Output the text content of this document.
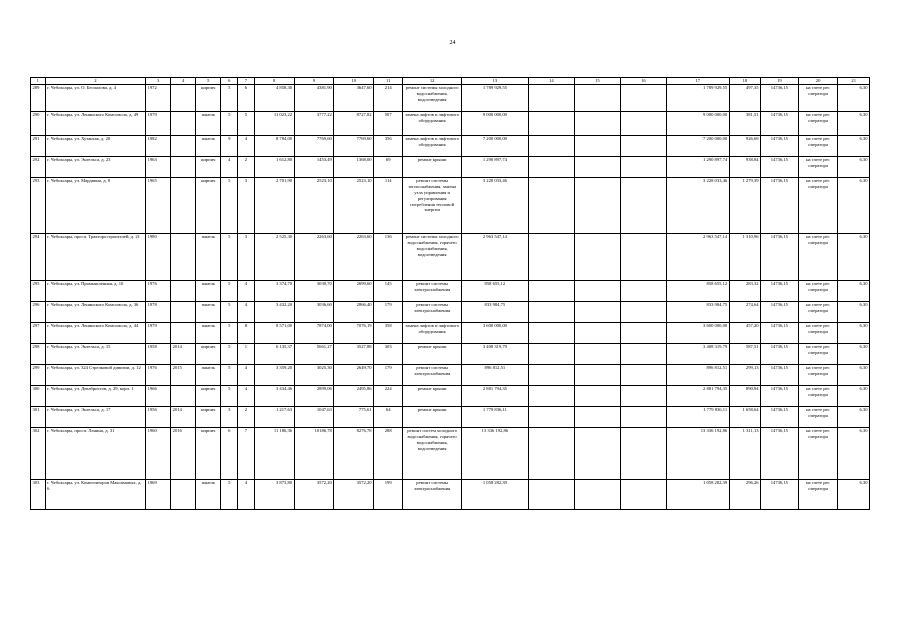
24
1	2	3	4	5	6	7	8	9	10	11	12	13	14	15	16	17	18	19	20	21
289	г. Чебоксары, ул. О. Беспалова, д. 4	1972		кирпич	5	6	4 858,30	4381,90	3647,60	214	ремонт системы холодного водоснабжения, водоотведения	1 789 929,55				1 789 929,55	497,35	14736,15	на счете рег. оператора	6,30
290	г. Чебоксары, ул. Ленинского Комсомола, д. 49	1979		панель	5	5	11 023,22	3777,22	8727,82	507	замена лифтов и лифтового оборудования	9 000 000,00				9 000 000,00	381,51	14736,15	на счете рег. оператора	6,30
291	г. Чебоксары, ул. Хузангая, д. 20	1982		панель	9	4	8 784,00	7769,60	7769,60	356	замена лифтов и лифтового оборудования	7 200 000,00				7 200 000,00	926,69	14736,15	на счете рег. оператора	6,30
292	г. Чебоксары, ул. Энгельса, д. 23	1963		кирпич	4	2	1 612,80	1453,49	1368,00	69	ремонт крыши	1 290 897,74				1 290 897,74	938,84	14736,15	на счете рег. оператора	6,30
293	г. Чебоксары, ул. Мардвина, д. 8	1965		кирпич	5	3	2 701,90	2523,10	2523,10	114	ремонт системы теплоснабжения, замена узла управления и регулирования потребления тепловой энергии	3 228 033,46				3 228 033,46	1 279,39	14736,15	на счете рег. оператора	6,30
294	г. Чебоксары, просп. Тракторостроителей, д. 21	1980		панель	5	3	2 525,30	2263,60	2263,60	136	ремонт системы холодного водоснабжения, горячего водоснабжения, водоотведения	2 963 547,14				2 963 547,14	1 310,96	14736,15	на счете рег. оператора	6,30
295	г. Чебоксары, ул. Промышленная, д. 10	1976		панель	5	4	3 374,70	3030,70	2699,60	145	ремонт системы электроснабжения	858 655,12				858 655,12	283,32	14736,15	на счете рег. оператора	6,30
296	г. Чебоксары, ул. Ленинского Комсомола, д. 36	1978		панель	5	4	3 432,20	3036,60	2866,40	179	ремонт системы электроснабжения	833 984,75				833 984,75	274,64	14736,15	на счете рег. оператора	6,30
297	г. Чебоксары, ул. Ленинского Комсомола, д. 44	1979		панель	5	8	8 571,00	7874,00	7076,19	358	замена лифтов и лифтового оборудования	3 600 000,00				3 600 000,00	457,20	14736,15	на счете рег. оператора	6,30
298	г. Чебоксары, ул. Энгельса, д. 15	1958	2014	кирпич	5	1	6 135,37	5661,27	3527,88	303	ремонт крыши	3 408 319,79				3 408 319,79	587,51	14736,15	на счете рег. оператора	6,30
299	г. Чебоксары, ул. 324 Стрелковой дивизии, д. 12	1976	2015	панель	5	4	3 359,20	3025,30	2649,70	179	ремонт системы электроснабжения	896 812,51				896 812,51	299,13	14736,15	на счете рег. оператора	6,30
300	г. Чебоксары, ул. Декабристов, д. 29, корп. 1	1966		кирпич	5	4	3 434,46	2899,06	2495,86	224	ремонт крыши	2 881 794,35				2 881 794,35	890,94	14736,15	на счете рег. оператора	6,30
301	г. Чебоксары, ул. Энгельса, д. 17	1956	2014	кирпич	3	2	1 217,63	1047,63	775,61	64	ремонт крыши	1 779 836,11				1 779 836,11	1 658,64	14736,15	на счете рег. оператора	6,30
302	г. Чебоксары, просп. Ленина, д. 31	1960	2016	кирпич	6	7	11 186,36	10186,78	8276,78	288	ремонт систем холодного водоснабжения, горячего водоснабжения, водоотведения	13 336 192,86				13 336 192,86	1 311,13	14736,15	на счете рег. оператора	6,30
303	г. Чебоксары, ул. Композиторов Максимовых, д. 6	1969		панель	5	4	3 873,80	3572,20	3572,20	199	ремонт системы электроснабжения	1 058 282,39				1 058 282,39	296,26	14736,15	на счете рег. оператора	6,30
